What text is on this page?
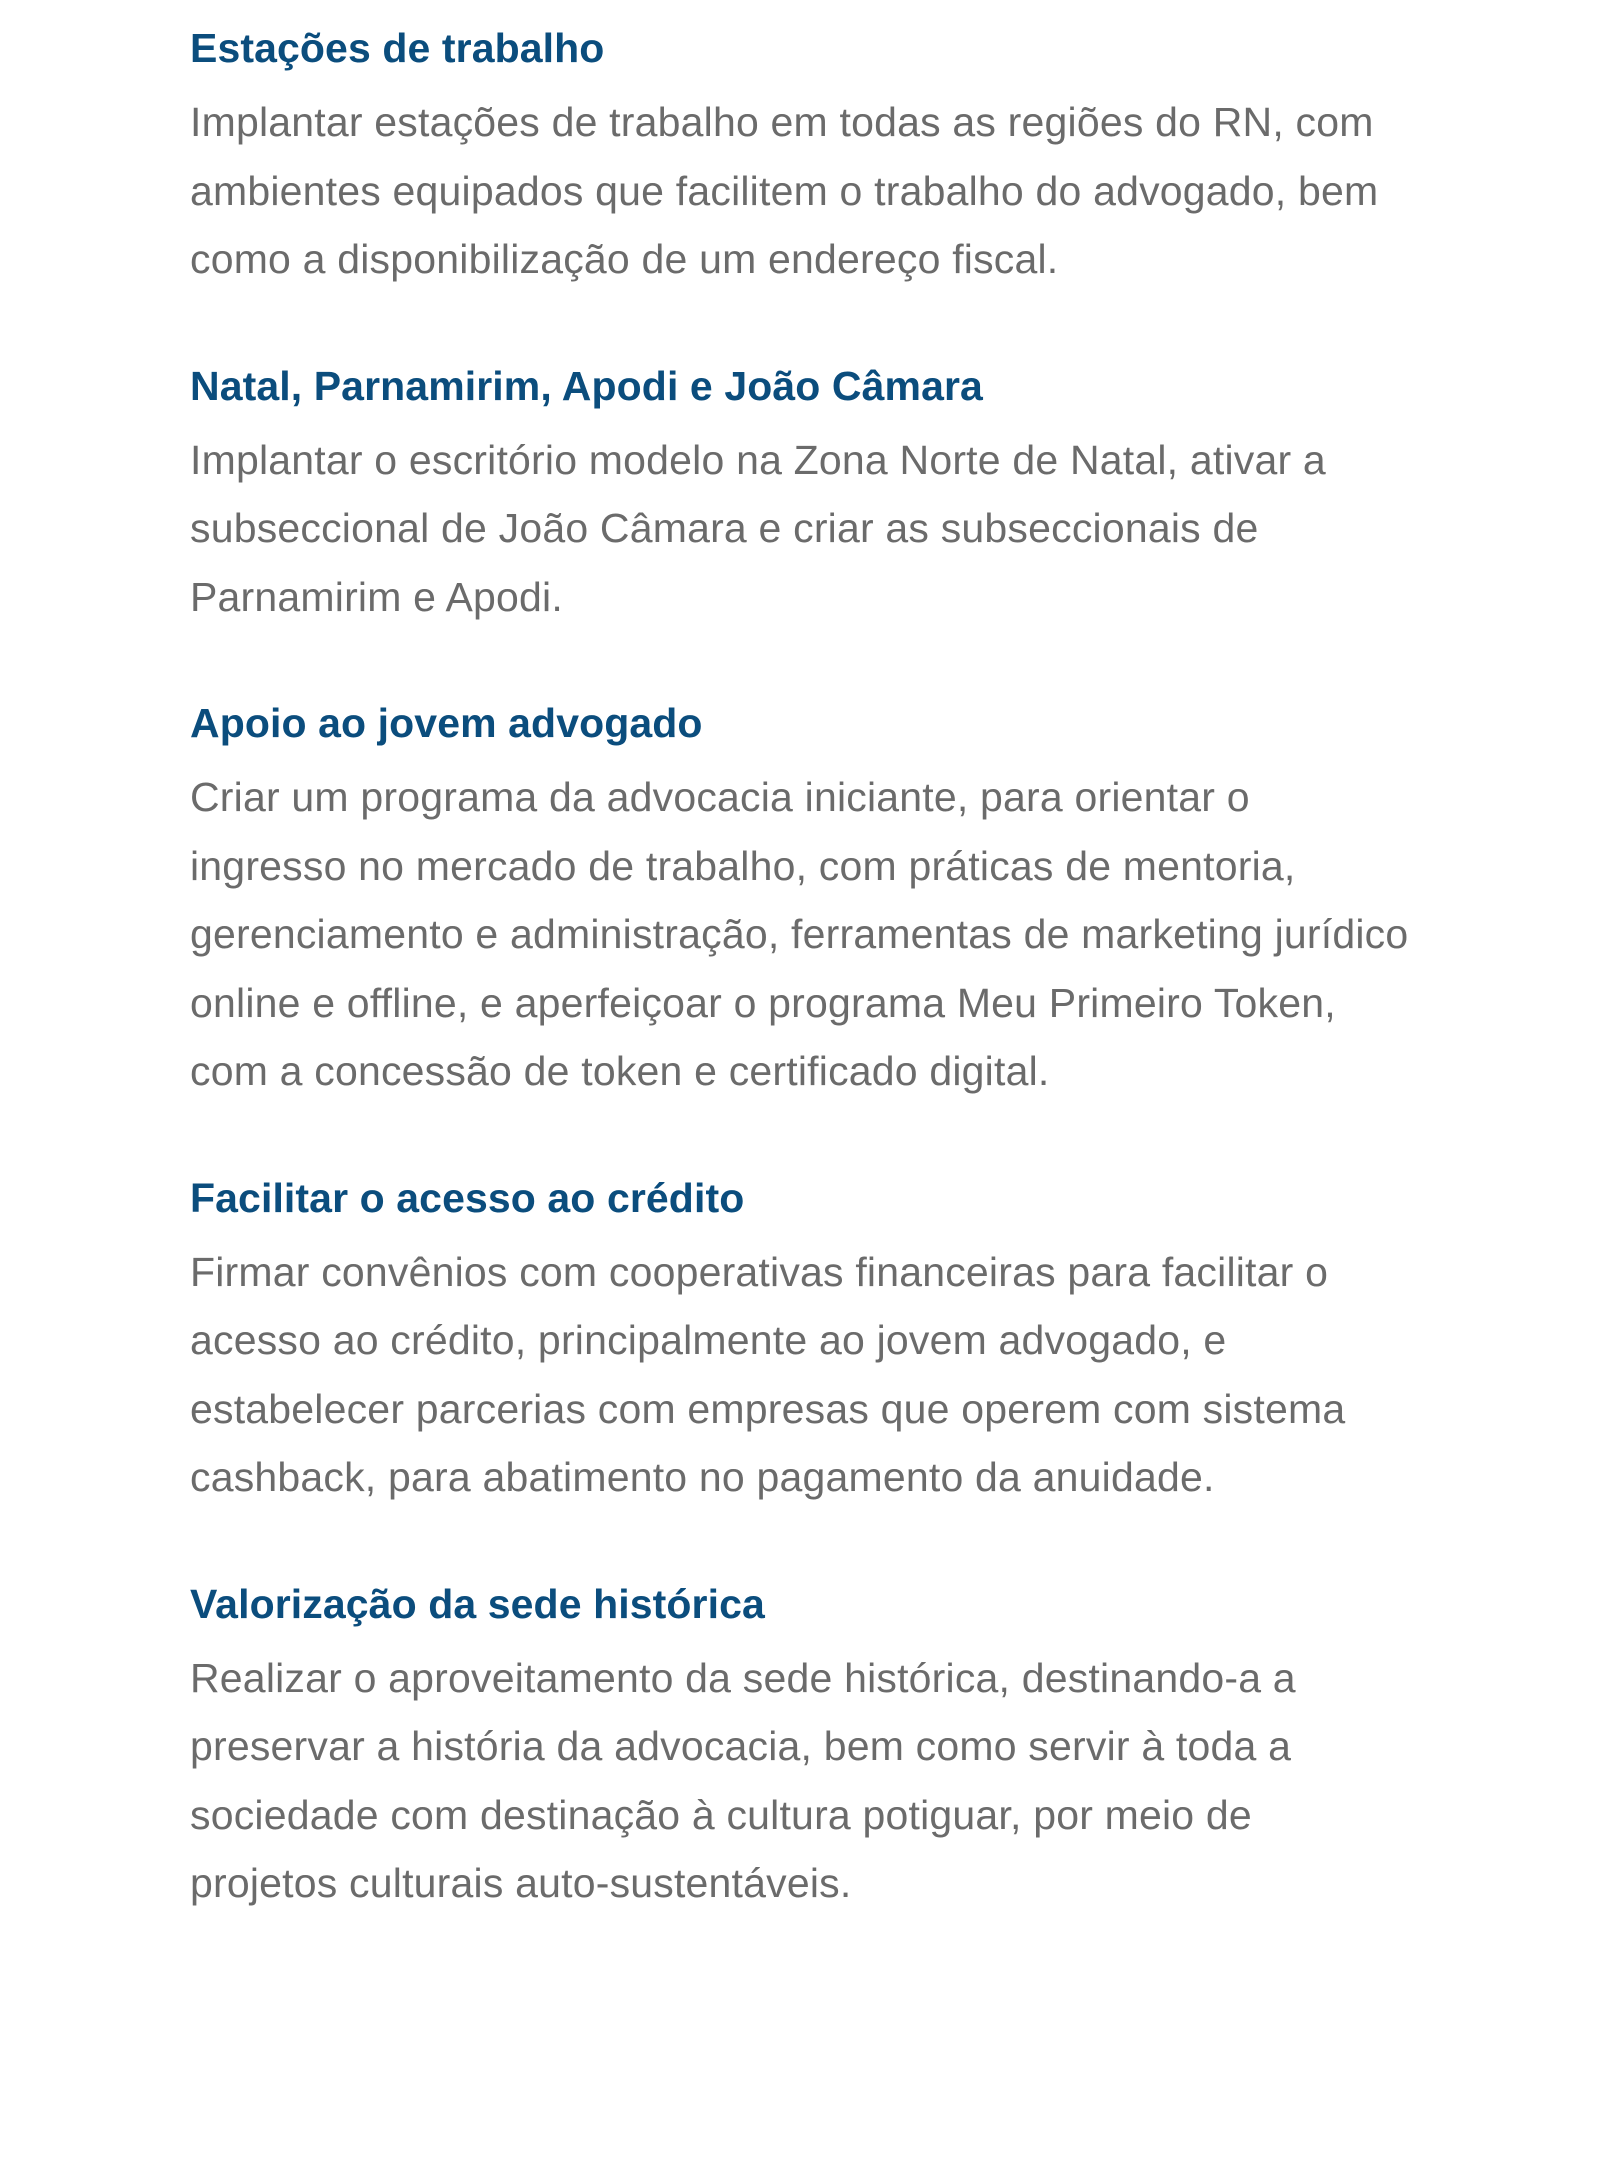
Estações de trabalho

Implantar estações de trabalho em todas as regiões do RN, com ambientes equipados que facilitem o trabalho do advogado, bem como a disponibilização de um endereço fiscal.

Natal, Parnamirim, Apodi e João Câmara

Implantar o escritório modelo na Zona Norte de Natal, ativar a subseccional de João Câmara e criar as subseccionais de Parnamirim e Apodi.

Apoio ao jovem advogado

Criar um programa da advocacia iniciante, para orientar o ingresso no mercado de trabalho, com práticas de mentoria, gerenciamento e administração, ferramentas de marketing jurídico online e offline, e aperfeiçoar o programa Meu Primeiro Token, com a concessão de token e certificado digital.

Facilitar o acesso ao crédito

Firmar convênios com cooperativas financeiras para facilitar o acesso ao crédito, principalmente ao jovem advogado, e estabelecer parcerias com empresas que operem com sistema cashback, para abatimento no pagamento da anuidade.

Valorização da sede histórica

Realizar o aproveitamento da sede histórica, destinando-a a preservar a história da advocacia, bem como servir à toda a sociedade com destinação à cultura potiguar, por meio de projetos culturais auto-sustentáveis.
